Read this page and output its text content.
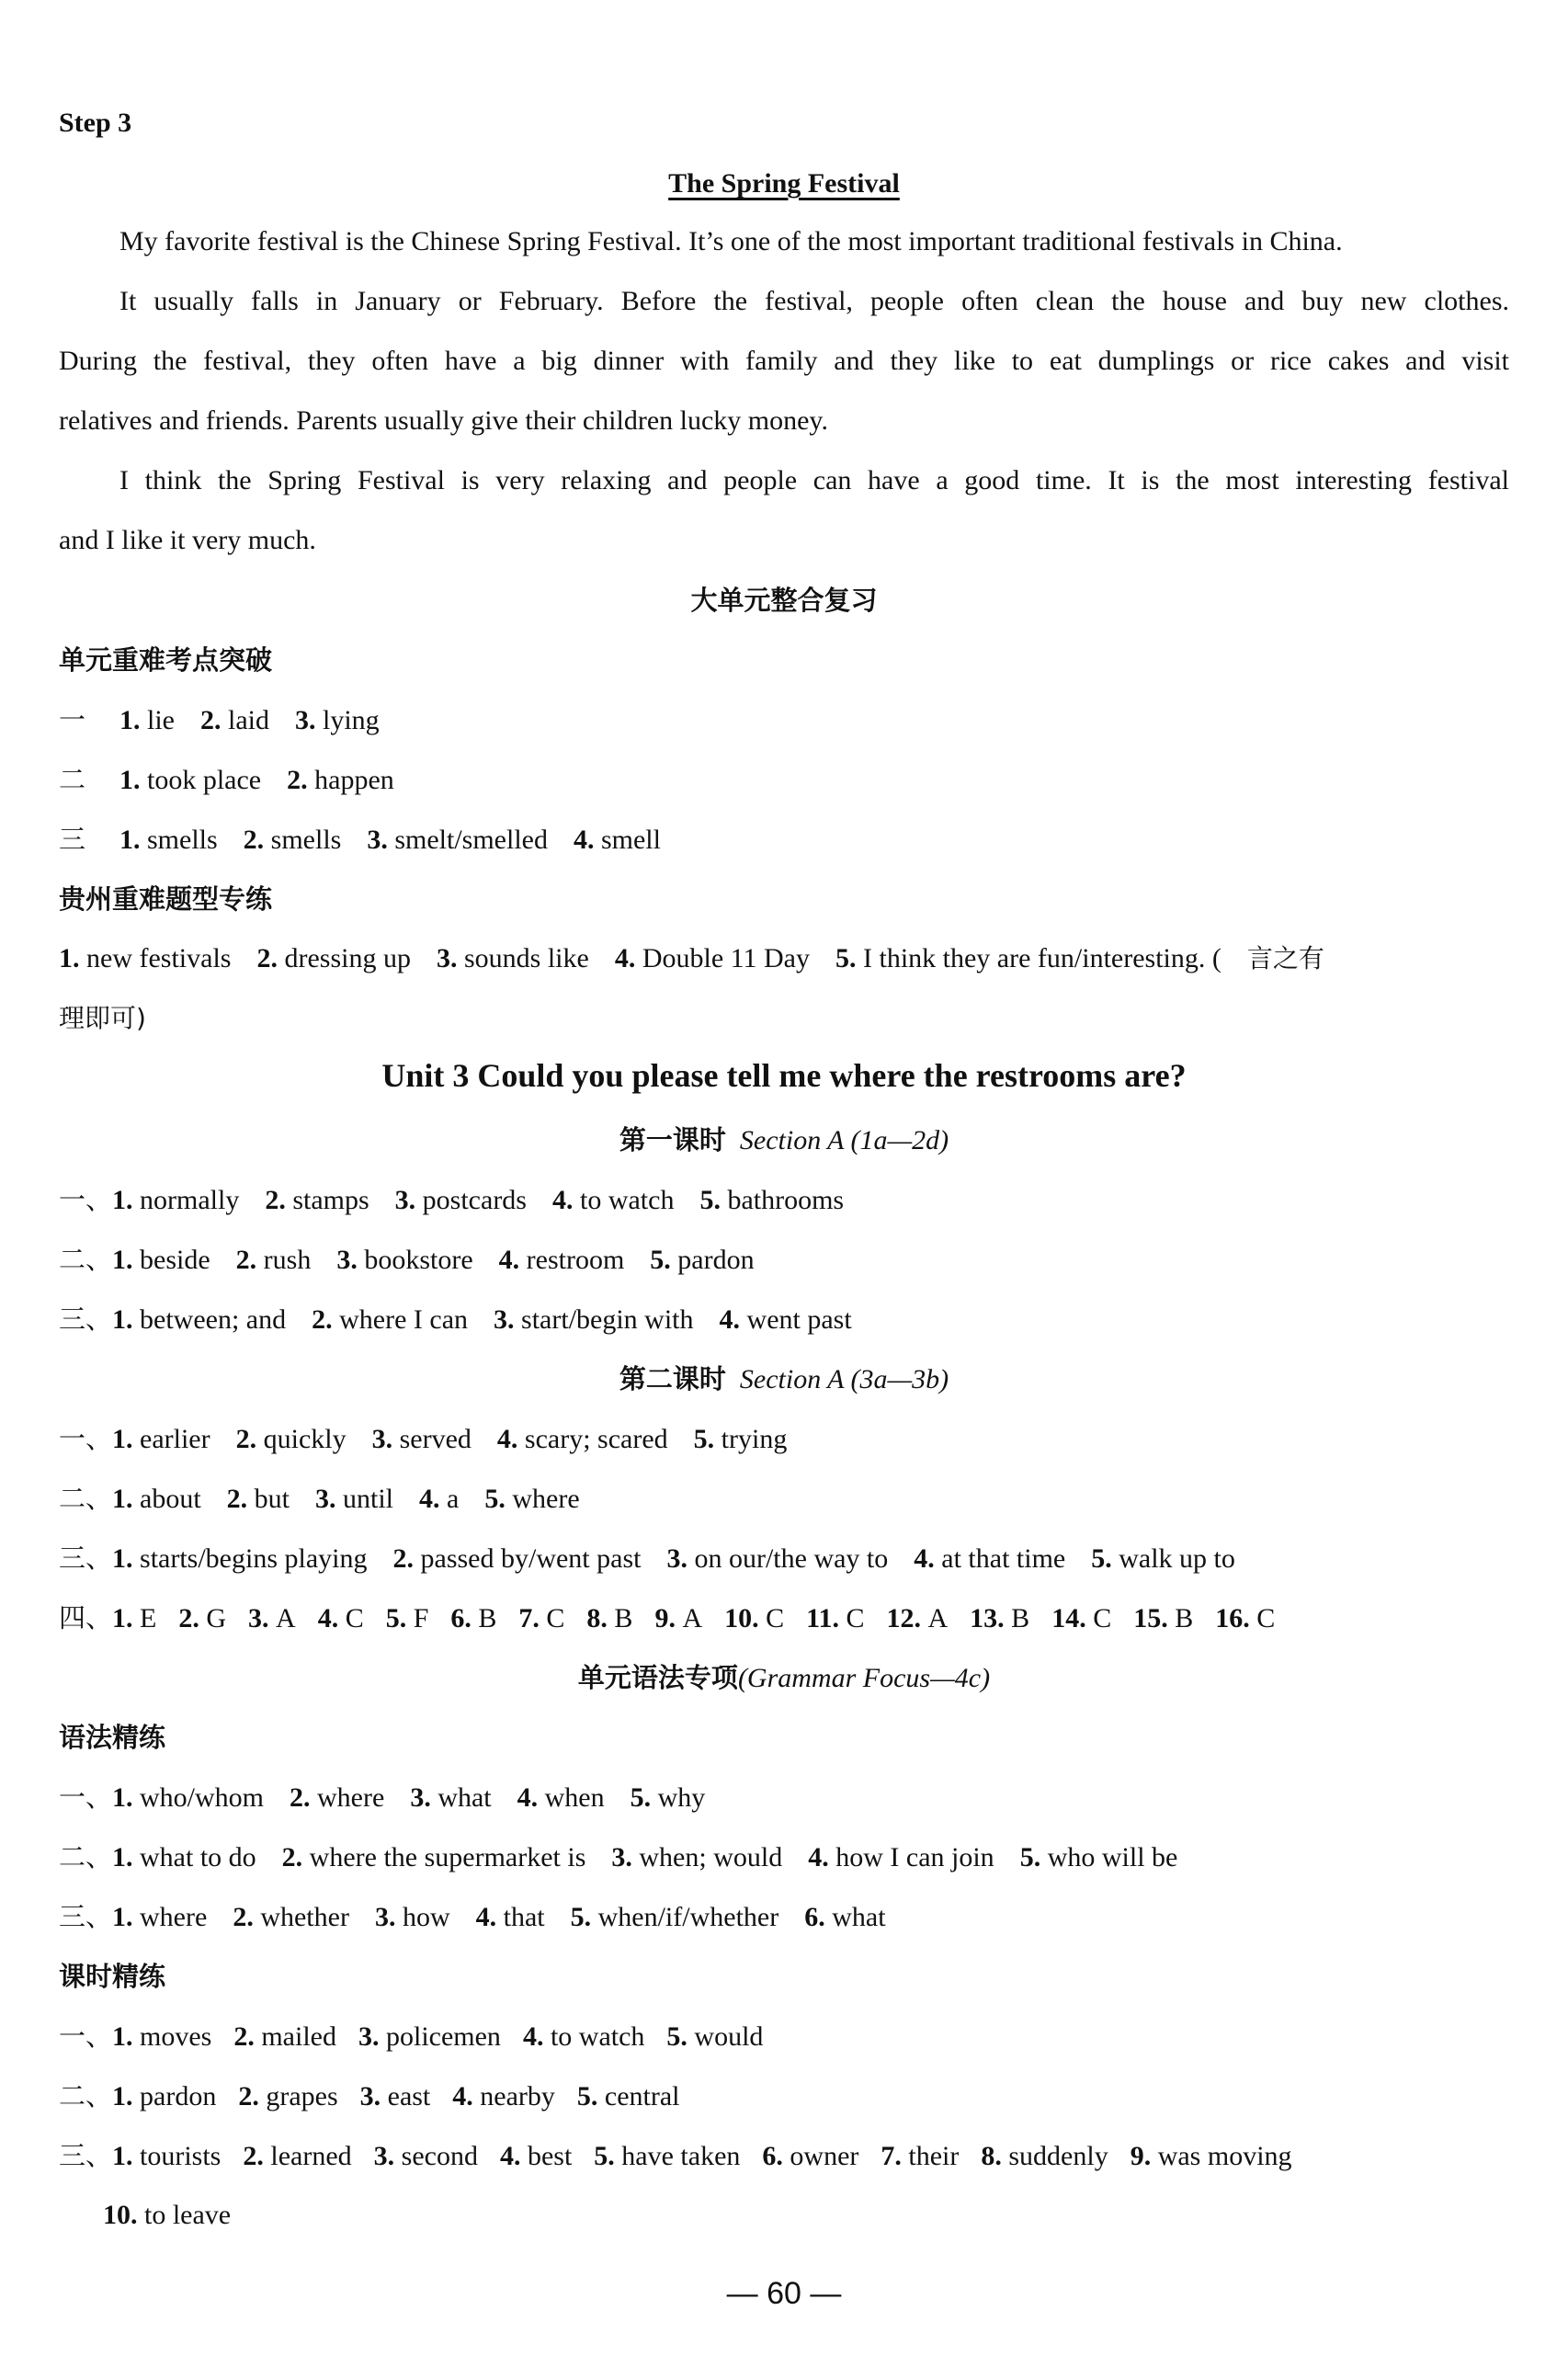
Step 3
The Spring Festival
My favorite festival is the Chinese Spring Festival. It’s one of the most important traditional festivals in China.
It usually falls in January or February. Before the festival, people often clean the house and buy new clothes.
During the festival, they often have a big dinner with family and they like to eat dumplings or rice cakes and visit
relatives and friends. Parents usually give their children lucky money.
I think the Spring Festival is very relaxing and people can have a good time. It is the most interesting festival
and I like it very much.
大单元整合复习
单元重难考点突破
一	1. lie 2. laid 3. lying
二	1. took place 2. happen
三	1. smells 2. smells 3. smelt/smelled 4. smell
贵州重难题型专练
1. new festivals 2. dressing up 3. sounds like 4. Double 11 Day 5. I think they are fun/interesting. (	言之有
理即可)
Unit 3 Could you please tell me where the restrooms are?
第一课时 Section A (1a—2d)
一、 1. normally 2. stamps 3. postcards 4. to watch 5. bathrooms
二、 1. beside 2. rush 3. bookstore 4. restroom 5. pardon
三、 1. between; and 2. where I can 3. start/begin with 4. went past
第二课时 Section A (3a—3b)
一、 1. earlier 2. quickly 3. served 4. scary; scared 5. trying
二、 1. about 2. but 3. until 4. a 5. where
三、 1. starts/begins playing 2. passed by/went past 3. on our/the way to 4. at that time 5. walk up to
四、 1. E 2. G 3. A 4. C 5. F 6. B 7. C 8. B 9. A 10. C 11. C 12. A 13. B 14. C 15. B 16. C
单元语法专项(Grammar Focus—4c)
语法精练
一、 1. who/whom 2. where 3. what 4. when 5. why
二、 1. what to do 2. where the supermarket is 3. when; would 4. how I can join 5. who will be
三、 1. where 2. whether 3. how 4. that 5. when/if/whether 6. what
课时精练
一、 1. moves 2. mailed 3. policemen 4. to watch 5. would
二、 1. pardon 2. grapes 3. east 4. nearby 5. central
三、 1. tourists 2. learned 3. second 4. best 5. have taken 6. owner 7. their 8. suddenly 9. was moving
10. to leave
— 60 —
